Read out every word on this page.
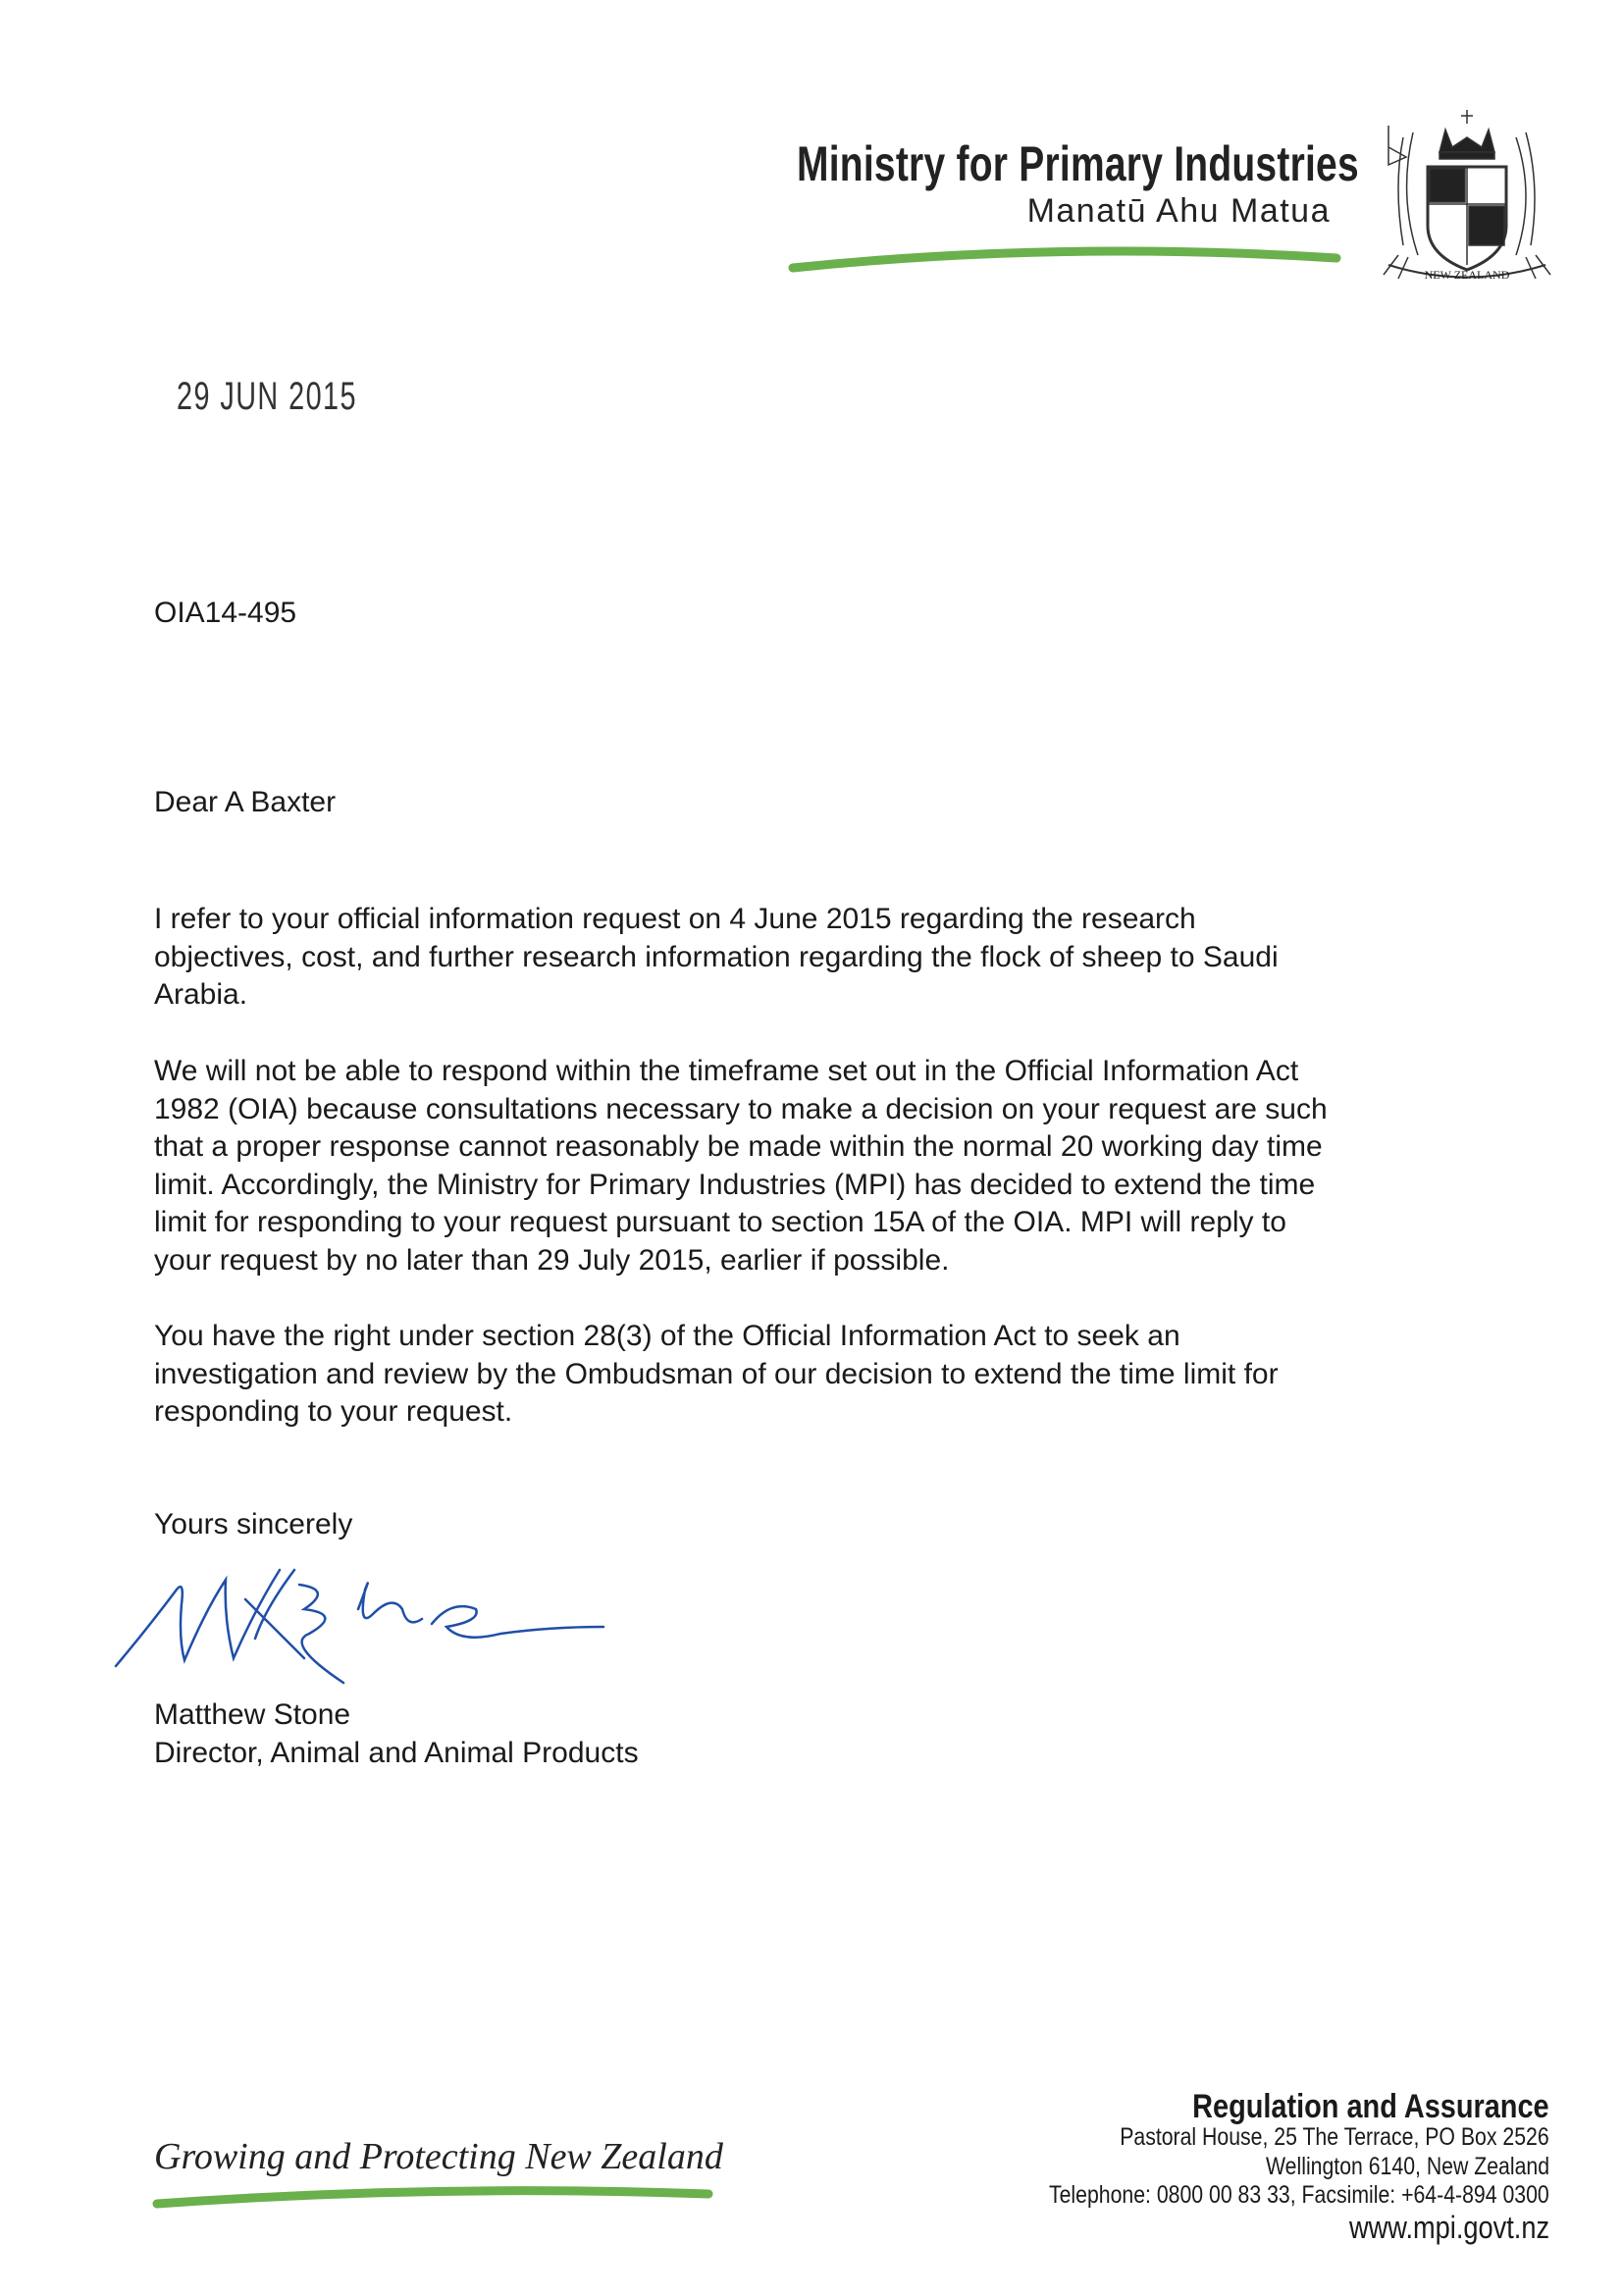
Ministry for Primary Industries
Manatū Ahu Matua
NEW ZEALAND
29 JUN 2015
OIA14-495
Dear A Baxter
I refer to your official information request on 4 June 2015 regarding the research
objectives, cost, and further research information regarding the flock of sheep to Saudi
Arabia.
We will not be able to respond within the timeframe set out in the Official Information Act
1982 (OIA) because consultations necessary to make a decision on your request are such
that a proper response cannot reasonably be made within the normal 20 working day time
limit. Accordingly, the Ministry for Primary Industries (MPI) has decided to extend the time
limit for responding to your request pursuant to section 15A of the OIA. MPI will reply to
your request by no later than 29 July 2015, earlier if possible.
You have the right under section 28(3) of the Official Information Act to seek an
investigation and review by the Ombudsman of our decision to extend the time limit for
responding to your request.
Yours sincerely
Matthew Stone
Director, Animal and Animal Products
Growing and Protecting New Zealand
Regulation and Assurance
Pastoral House, 25 The Terrace, PO Box 2526
Wellington 6140, New Zealand
Telephone: 0800 00 83 33, Facsimile: +64-4-894 0300
www.mpi.govt.nz
